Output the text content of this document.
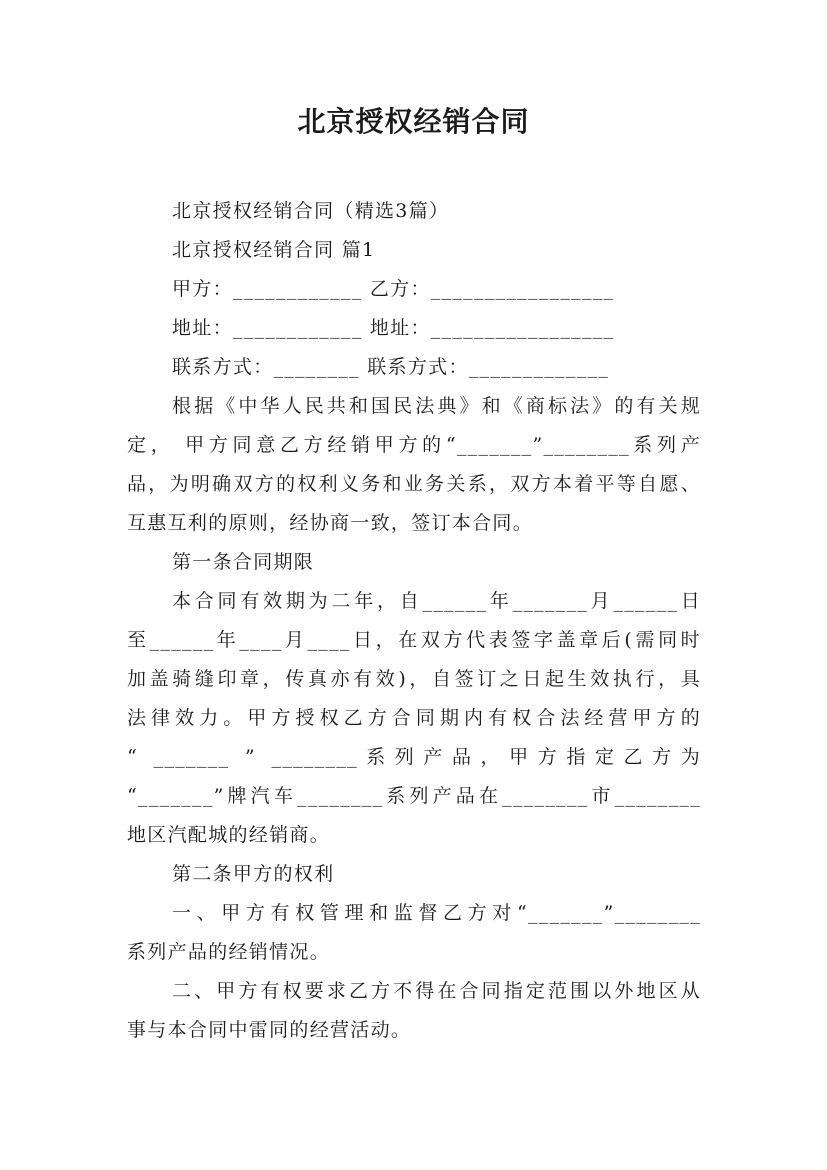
北京授权经销合同
北京授权经销合同（精选3篇）
北京授权经销合同 篇1
甲方：____________ 乙方：_________________
地址：____________ 地址：_________________
联系方式：________ 联系方式：_____________
根据《中华人民共和国民法典》和《商标法》的有关规
定， 甲方同意乙方经销甲方的“_______”________系列产
品，为明确双方的权利义务和业务关系，双方本着平等自愿、
互惠互利的原则，经协商一致，签订本合同。
第一条合同期限
本合同有效期为二年，自______年_______月______日
至______年____月____日，在双方代表签字盖章后(需同时
加盖骑缝印章，传真亦有效)，自签订之日起生效执行，具
法律效力。甲方授权乙方合同期内有权合法经营甲方的
“ _______ ” ________系列产品，甲方指定乙方为
“_______”牌汽车________系列产品在________市________
地区汽配城的经销商。
第二条甲方的权利
一、甲方有权管理和监督乙方对“_______”________
系列产品的经销情况。
二、甲方有权要求乙方不得在合同指定范围以外地区从
事与本合同中雷同的经营活动。
